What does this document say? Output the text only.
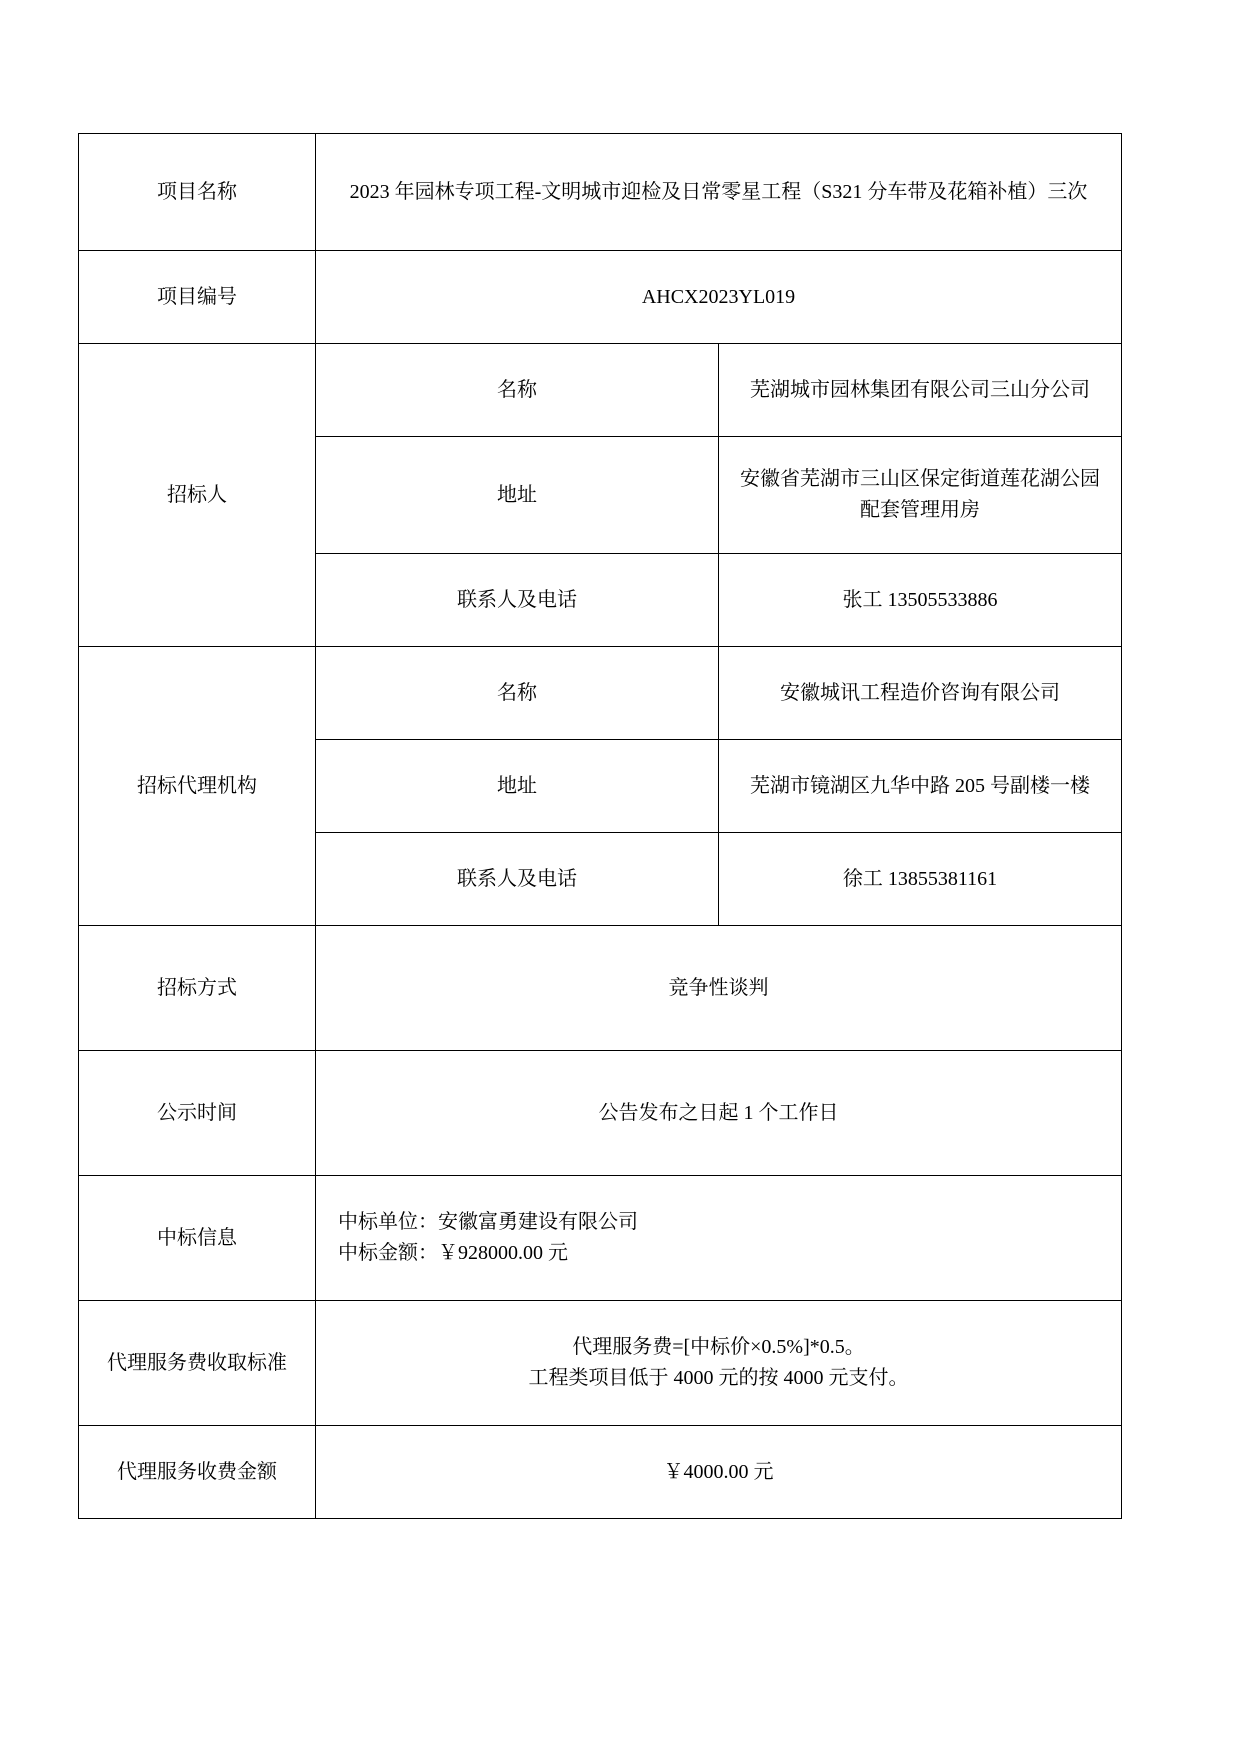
项目名称	2023 年园林专项工程-文明城市迎检及日常零星工程（S321 分车带及花箱补植）三次	
项目编号	AHCX2023YL019	
招标人	名称	芜湖城市园林集团有限公司三山分公司
	地址	安徽省芜湖市三山区保定街道莲花湖公园配套管理用房
	联系人及电话	张工 13505533886
招标代理机构	名称	安徽城讯工程造价咨询有限公司
	地址	芜湖市镜湖区九华中路 205 号副楼一楼
	联系人及电话	徐工 13855381161
招标方式	竞争性谈判	
公示时间	公告发布之日起 1 个工作日	
中标信息	中标单位：安徽富勇建设有限公司
中标金额：￥928000.00 元	

代理服务费收取标准	代理服务费=[中标价×0.5%]*0.5。
工程类项目低于 4000 元的按 4000 元支付。	

代理服务收费金额	￥4000.00 元	
